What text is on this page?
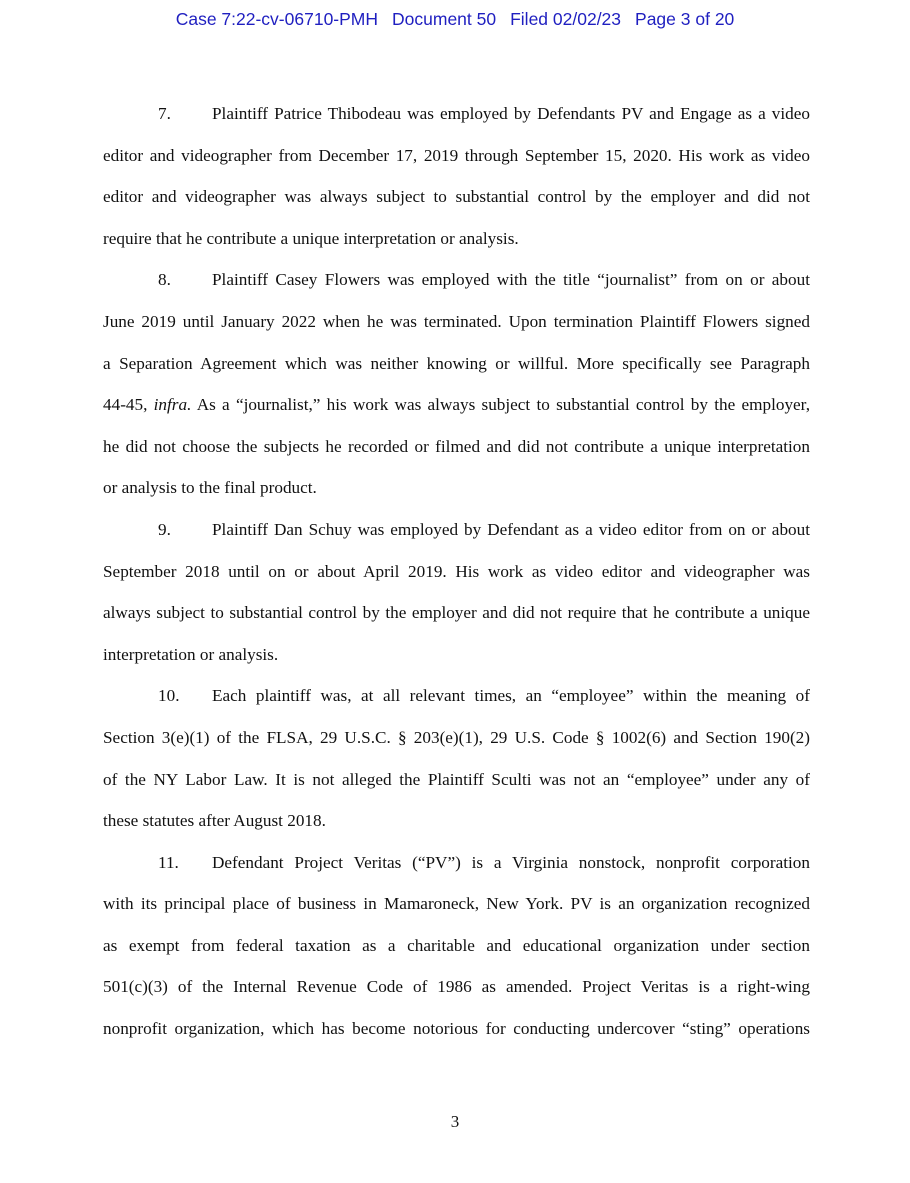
Case 7:22-cv-06710-PMH Document 50 Filed 02/02/23 Page 3 of 20
7. Plaintiff Patrice Thibodeau was employed by Defendants PV and Engage as a video
editor and videographer from December 17, 2019 through September 15, 2020. His work as video
editor and videographer was always subject to substantial control by the employer and did not
require that he contribute a unique interpretation or analysis.
8. Plaintiff Casey Flowers was employed with the title “journalist” from on or about
June 2019 until January 2022 when he was terminated. Upon termination Plaintiff Flowers signed
a Separation Agreement which was neither knowing or willful. More specifically see Paragraph
44-45, infra. As a “journalist,” his work was always subject to substantial control by the employer,
he did not choose the subjects he recorded or filmed and did not contribute a unique interpretation
or analysis to the final product.
9. Plaintiff Dan Schuy was employed by Defendant as a video editor from on or about
September 2018 until on or about April 2019. His work as video editor and videographer was
always subject to substantial control by the employer and did not require that he contribute a unique
interpretation or analysis.
10. Each plaintiff was, at all relevant times, an “employee” within the meaning of
Section 3(e)(1) of the FLSA, 29 U.S.C. § 203(e)(1), 29 U.S. Code § 1002(6) and Section 190(2)
of the NY Labor Law. It is not alleged the Plaintiff Sculti was not an “employee” under any of
these statutes after August 2018.
11. Defendant Project Veritas (“PV”) is a Virginia nonstock, nonprofit corporation
with its principal place of business in Mamaroneck, New York. PV is an organization recognized
as exempt from federal taxation as a charitable and educational organization under section
501(c)(3) of the Internal Revenue Code of 1986 as amended. Project Veritas is a right-wing
nonprofit organization, which has become notorious for conducting undercover “sting” operations
3
